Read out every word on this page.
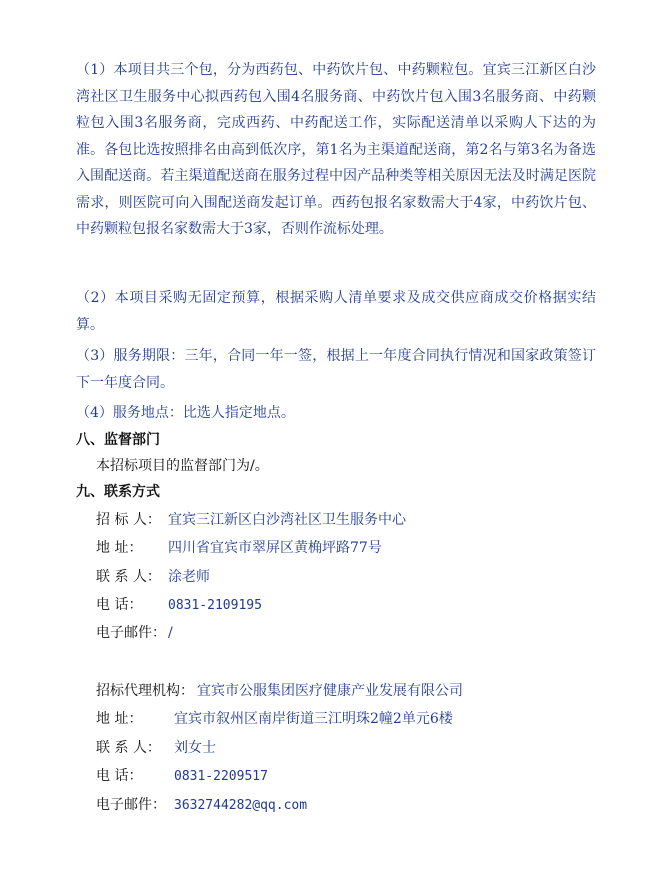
（1）本项目共三个包，分为西药包、中药饮片包、中药颗粒包。宜宾三江新区白沙湾社区卫生服务中心拟西药包入围4名服务商、中药饮片包入围3名服务商、中药颗粒包入围3名服务商，完成西药、中药配送工作，实际配送清单以采购人下达的为准。各包比选按照排名由高到低次序，第1名为主渠道配送商，第2名与第3名为备选入围配送商。若主渠道配送商在服务过程中因产品种类等相关原因无法及时满足医院需求，则医院可向入围配送商发起订单。西药包报名家数需大于4家，中药饮片包、中药颗粒包报名家数需大于3家，否则作流标处理。

（2）本项目采购无固定预算，根据采购人清单要求及成交供应商成交价格据实结算。

（3）服务期限：三年，合同一年一签，根据上一年度合同执行情况和国家政策签订下一年度合同。

（4）服务地点：比选人指定地点。

八、监督部门
本招标项目的监督部门为/。
九、联系方式
招 标 人： 宜宾三江新区白沙湾社区卫生服务中心
地 址： 四川省宜宾市翠屏区黄桷坪路77号
联 系 人： 涂老师
电 话： 0831-2109195
电子邮件： /
招标代理机构： 宜宾市公服集团医疗健康产业发展有限公司
地 址： 宜宾市叙州区南岸街道三江明珠2幢2单元6楼
联 系 人： 刘女士
电 话： 0831-2209517
电子邮件： 3632744282@qq.com
